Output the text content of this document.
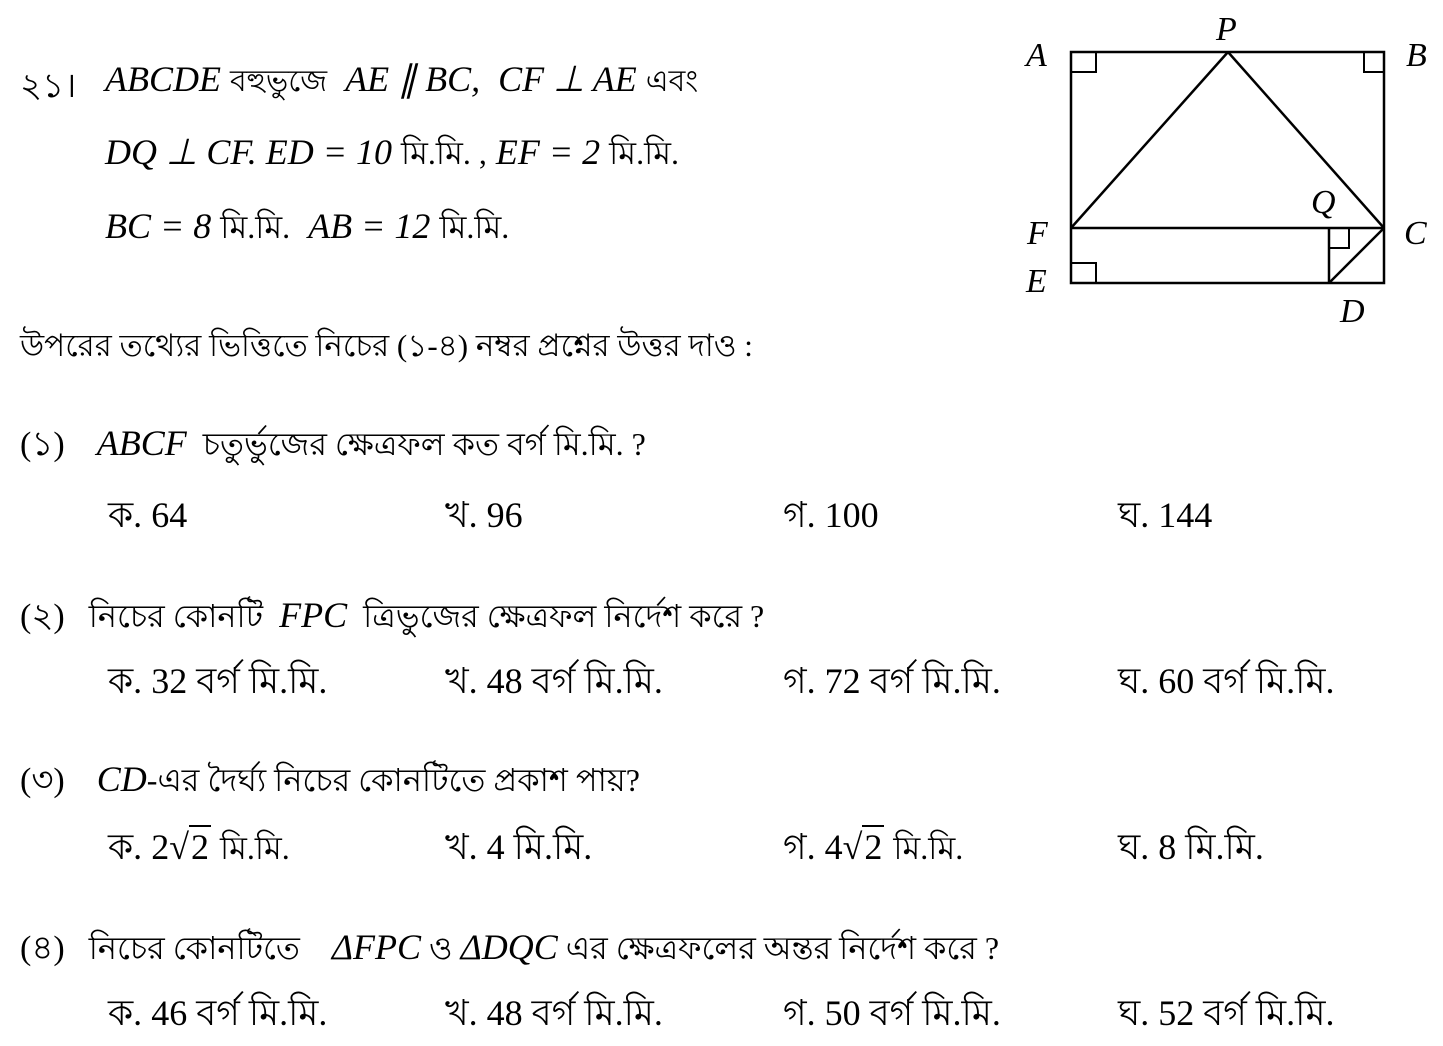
২১। ABCDE বহুভুজে AE ∥ BC, CF ⊥ AE এবং
DQ ⊥ CF. ED = 10 মি.মি. , EF = 2 মি.মি.
BC = 8 মি.মি. AB = 12 মি.মি.
উপরের তথ্যের ভিত্তিতে নিচের (১-৪) নম্বর প্রশ্নের উত্তর দাও :
A	B
P
F
E
C
Q
D
(১) ABCF চতুর্ভুজের ক্ষেত্রফল কত বর্গ মি.মি. ?
ক. 64	খ. 96	গ. 100	ঘ. 144
(২) নিচের কোনটি FPC ত্রিভুজের ক্ষেত্রফল নির্দেশ করে ?
ক. 32 বর্গ মি.মি.	খ. 48 বর্গ মি.মি.	গ. 72 বর্গ মি.মি.	ঘ. 60 বর্গ মি.মি.
(৩) CD-এর দৈর্ঘ্য নিচের কোনটিতে প্রকাশ পায়?
ক. 2√2 মি.মি.	খ. 4 মি.মি.	গ. 4√2 মি.মি.	ঘ. 8 মি.মি.
(৪) নিচের কোনটিতে ΔFPC ও ΔDQC এর ক্ষেত্রফলের অন্তর নির্দেশ করে ?
ক. 46 বর্গ মি.মি.	খ. 48 বর্গ মি.মি.	গ. 50 বর্গ মি.মি.	ঘ. 52 বর্গ মি.মি.
